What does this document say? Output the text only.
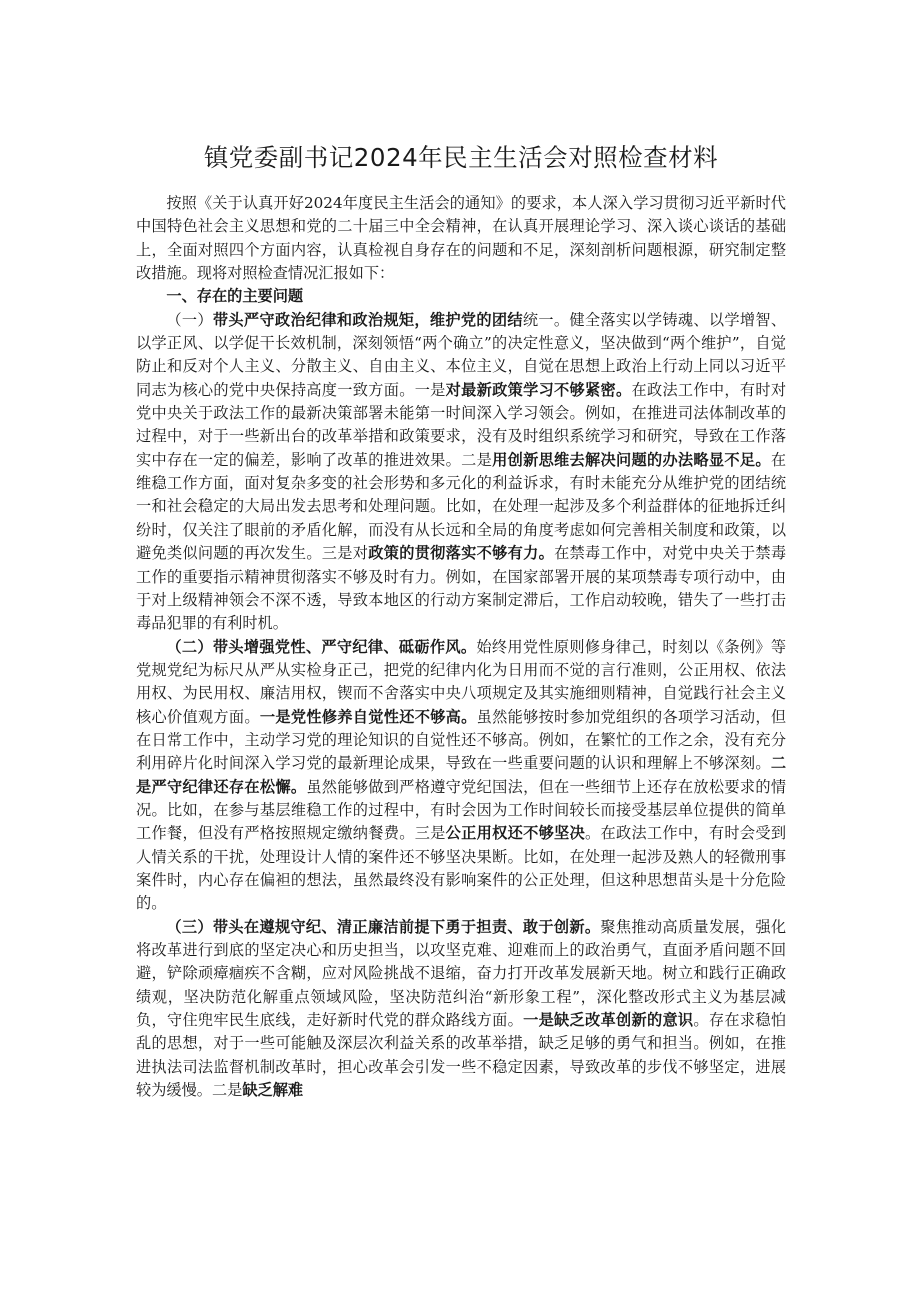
镇党委副书记2024年民主生活会对照检查材料

按照《关于认真开好2024年度民主生活会的通知》的要求，本人深入学习贯彻习近平新时代中国特色社会主义思想和党的二十届三中全会精神，在认真开展理论学习、深入谈心谈话的基础上，全面对照四个方面内容，认真检视自身存在的问题和不足，深刻剖析问题根源，研究制定整改措施。现将对照检查情况汇报如下：

一、存在的主要问题

（一）带头严守政治纪律和政治规矩，维护党的团结统一。健全落实以学铸魂、以学增智、以学正风、以学促干长效机制，深刻领悟“两个确立”的决定性意义，坚决做到“两个维护”，自觉防止和反对个人主义、分散主义、自由主义、本位主义，自觉在思想上政治上行动上同以习近平同志为核心的党中央保持高度一致方面。一是对最新政策学习不够紧密。在政法工作中，有时对党中央关于政法工作的最新决策部署未能第一时间深入学习领会。例如，在推进司法体制改革的过程中，对于一些新出台的改革举措和政策要求，没有及时组织系统学习和研究，导致在工作落实中存在一定的偏差，影响了改革的推进效果。二是用创新思维去解决问题的办法略显不足。在维稳工作方面，面对复杂多变的社会形势和多元化的利益诉求，有时未能充分从维护党的团结统一和社会稳定的大局出发去思考和处理问题。比如，在处理一起涉及多个利益群体的征地拆迁纠纷时，仅关注了眼前的矛盾化解，而没有从长远和全局的角度考虑如何完善相关制度和政策，以避免类似问题的再次发生。三是对政策的贯彻落实不够有力。在禁毒工作中，对党中央关于禁毒工作的重要指示精神贯彻落实不够及时有力。例如，在国家部署开展的某项禁毒专项行动中，由于对上级精神领会不深不透，导致本地区的行动方案制定滞后，工作启动较晚，错失了一些打击毒品犯罪的有利时机。

（二）带头增强党性、严守纪律、砥砺作风。始终用党性原则修身律己，时刻以《条例》等党规党纪为标尺从严从实检身正己，把党的纪律内化为日用而不觉的言行准则，公正用权、依法用权、为民用权、廉洁用权，锲而不舍落实中央八项规定及其实施细则精神，自觉践行社会主义核心价值观方面。一是党性修养自觉性还不够高。虽然能够按时参加党组织的各项学习活动，但在日常工作中，主动学习党的理论知识的自觉性还不够高。例如，在繁忙的工作之余，没有充分利用碎片化时间深入学习党的最新理论成果，导致在一些重要问题的认识和理解上不够深刻。二是严守纪律还存在松懈。虽然能够做到严格遵守党纪国法，但在一些细节上还存在放松要求的情况。比如，在参与基层维稳工作的过程中，有时会因为工作时间较长而接受基层单位提供的简单工作餐，但没有严格按照规定缴纳餐费。三是公正用权还不够坚决。在政法工作中，有时会受到人情关系的干扰，处理设计人情的案件还不够坚决果断。比如，在处理一起涉及熟人的轻微刑事案件时，内心存在偏袒的想法，虽然最终没有影响案件的公正处理，但这种思想苗头是十分危险的。

（三）带头在遵规守纪、清正廉洁前提下勇于担责、敢于创新。聚焦推动高质量发展，强化将改革进行到底的坚定决心和历史担当，以攻坚克难、迎难而上的政治勇气，直面矛盾问题不回避，铲除顽瘴痼疾不含糊，应对风险挑战不退缩，奋力打开改革发展新天地。树立和践行正确政绩观，坚决防范化解重点领域风险，坚决防范纠治“新形象工程”，深化整改形式主义为基层减负，守住兜牢民生底线，走好新时代党的群众路线方面。一是缺乏改革创新的意识。存在求稳怕乱的思想，对于一些可能触及深层次利益关系的改革举措，缺乏足够的勇气和担当。例如，在推进执法司法监督机制改革时，担心改革会引发一些不稳定因素，导致改革的步伐不够坚定，进展较为缓慢。二是缺乏解难
